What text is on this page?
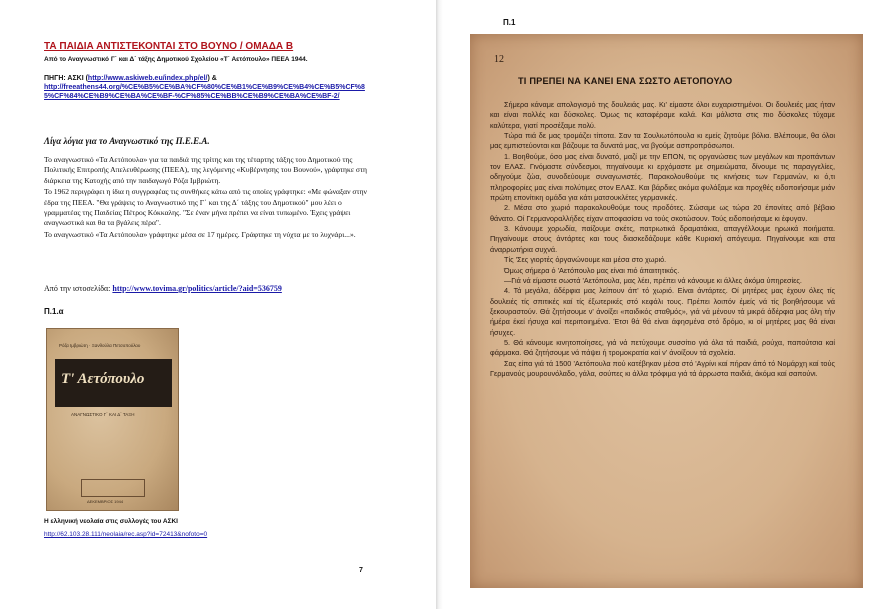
ΤΑ ΠΑΙΔΙΑ ΑΝΤΙΣΤΕΚΟΝΤΑΙ ΣΤΟ ΒΟΥΝΟ / ΟΜΑΔΑ Β
Από το Αναγνωστικό Γ΄ και Δ΄ τάξης Δημοτικού Σχολείου «Τ΄ Αετόπουλο» ΠΕΕΑ 1944.
ΠΗΓΗ: ΑΣΚΙ (http://www.askiweb.eu/index.php/el/) &
http://freeathens44.org/%CE%B5%CE%BA%CF%80%CE%B1%CE%B9%CE%B4%CE%B5%CF%85%CF%84%CE%B9%CE%BA%CE%BF-%CF%85%CE%BB%CE%B9%CE%BA%CE%BF-2/
Λίγα λόγια για το Αναγνωστικό της Π.Ε.Ε.Α.

Το αναγνωστικό «Τα Αετόπουλα» για τα παιδιά της τρίτης και της τέταρτης τάξης του Δημοτικού της Πολιτικής Επιτροπής Απελευθέρωσης (ΠΕΕΑ), της λεγόμενης «Κυβέρνησης του Βουνού», γράφτηκε στη διάρκεια της Κατοχής από την παιδαγωγό Ρόζα Ιμβριώτη.

Το 1962 περιγράφει η ίδια η συγγραφέας τις συνθήκες κάτω από τις οποίες γράφτηκε: «Με φώναξαν στην έδρα της ΠΕΕΑ. "Θα γράψεις το Αναγνωστικό της Γ΄ και της Δ΄ τάξης του Δημοτικού" μου λέει ο γραμματέας της Παιδείας Πέτρος Κόκκαλης. "Σε έναν μήνα πρέπει να είναι τυπωμένο. Έχεις γράψει αναγνωστικά και θα τα βγάλεις πέρα".

Το αναγνωστικό «Τα Αετόπουλα» γράφτηκε μέσα σε 17 ημέρες. Γράφτηκε τη νύχτα με το λυχνάρι...».

Από την ιστοσελίδα: http://www.tovima.gr/politics/article/?aid=536759
Π.1.α
Ρόζα Ιμβριώτη · Ξανθούλα Πετσοπούλου
Τ' Αετόπουλο
ΑΝΑΓΝΩΣΤΙΚΟ Γ΄ ΚΑΙ Δ΄ ΤΑΞΗ
ΔΕΚΕΜΒΡΙΟΣ 1944
Η ελληνική νεολαία στις συλλογές του ΑΣΚΙ
http://62.103.28.111/neolaia/rec.asp?id=72413&nofoto=0
7
Π.1
12
ΤΙ ΠΡΕΠΕΙ ΝΑ ΚΑΝΕΙ ΕΝΑ ΣΩΣΤΟ ΑΕΤΟΠΟΥΛΟ

Σήμερα κάναμε απολογισμό της δουλειάς μας. Κι' είμαστε όλοι ευχαριστημένοι. Οι δουλειές μας ήταν και είναι πολλές και δύσκολες. Όμως τις καταφέραμε καλά. Και μάλιστα στις πιο δύσκολες τύχαμε καλύτερα, γιατί προσέξαμε πολύ.

Τώρα πιά δε μας τρομάζει τίποτα. Σαν τα Σουλιωτόπουλα κι εμείς ζητούμε βόλια. Βλέπουμε, θα όλοι μας εμπιστεύονται και βάζουμε τα δυνατά μας, να βγούμε ασπροπρόσωποι.

1. Βοηθούμε, όσο μας είναι δυνατό, μαζί με την ΕΠΟΝ, τις οργανώσεις των μεγάλων και προπάντων τον ΕΛΑΣ. Γινόμαστε σύνδεσμοι, πηγαίνουμε κι ερχόμαστε με σημειώματα, δίνουμε τις παραγγελίες, οδηγούμε ζώα, συνοδεύουμε συναγωνιστές. Παρακολουθούμε τις κινήσεις των Γερμανών, κι ό,τι πληροφορίες μας είναι πολύτιμες στον ΕΛΑΣ. Και βάρδιες ακόμα φυλάξαμε και προχθές ειδοποιήσαμε μιάν πρώτη επονίτικη ομάδα για κάτι ματσουκλέτες γερμανικές.

2. Μέσα στο χωριό παρακολουθούμε τους προδότες. Σώσαμε ως τώρα 20 έπονίτες από βέβαιο θάνατο. Οί Γερμανοραλλήδες είχαν αποφασίσει να τούς σκοτώσουν. Τούς ειδοποιήσαμε κι έφυγαν.

3. Κάνουμε χορωδία, παίζουμε σκέτς, πατριωτικά δραματάκια, απαγγέλλουμε ηρωικά ποιήματα. Πηγαίνουμε στους άντάρτες και τους διασκεδάζουμε κάθε Κυριακή απόγευμα. Πηγαίνουμε και στα άναρρωτήρια συχνά.

Τίς 'Σες γιορτές όργανώνουμε και μέσα στο χωριό.

Όμως σήμερα ό 'Αετόπουλο μας είναι πιό άπαιτητικός.

—Γιά νά είμαστε σωστά 'Αετόπουλα, μας λέει, πρέπει νά κάνουμε κι άλλες άκόμα ύπηρεσίες.

4. Τά μεγάλα, άδέρφια μας λείπουν άπ' τό χωριό. Είναι άντάρτες. Οί μητέρες μας έχουν όλες τίς δουλειές τίς σπιτικές καί τίς έξωτερικές στό κεφάλι τους. Πρέπει λοιπόν έμείς νά τίς βοηθήσουμε νά ξεκουραστούν. Θά ζητήσουμε ν' άνοίξει «παιδικός σταθμός», γιά νά μένουν τά μικρά άδέρφια μας όλη τήν ήμέρα έκεί ήσυχα καί περιποιημένα. Έτσι θά θά είναι άφησμένα στό δρόμο, κι οί μητέρες μας θά είναι ήσυχες.

5. Θά κάνουμε κινητοποίησες, γιά νά πετύχουμε συσσίτιο γιά όλα τά παιδιά, ρούχα, παπούτσια καί φάρμακα. Θά ζητήσουμε νά πάψει ή τρομοκρατία καί ν' άνοίξουν τά σχολεία.

Σας είπα γιά τά 1500 'Αετόπουλα πού κατέβηκαν μέσα στό 'Αγρίνι καί πήραν άπό τό Νομάρχη καί τούς Γερμανούς μουρουνόλαδο, γάλα, σούπες κι άλλα τρόφιμα γιά τά άρρωστα παιδιά, άκόμα καί σαπούνι.
